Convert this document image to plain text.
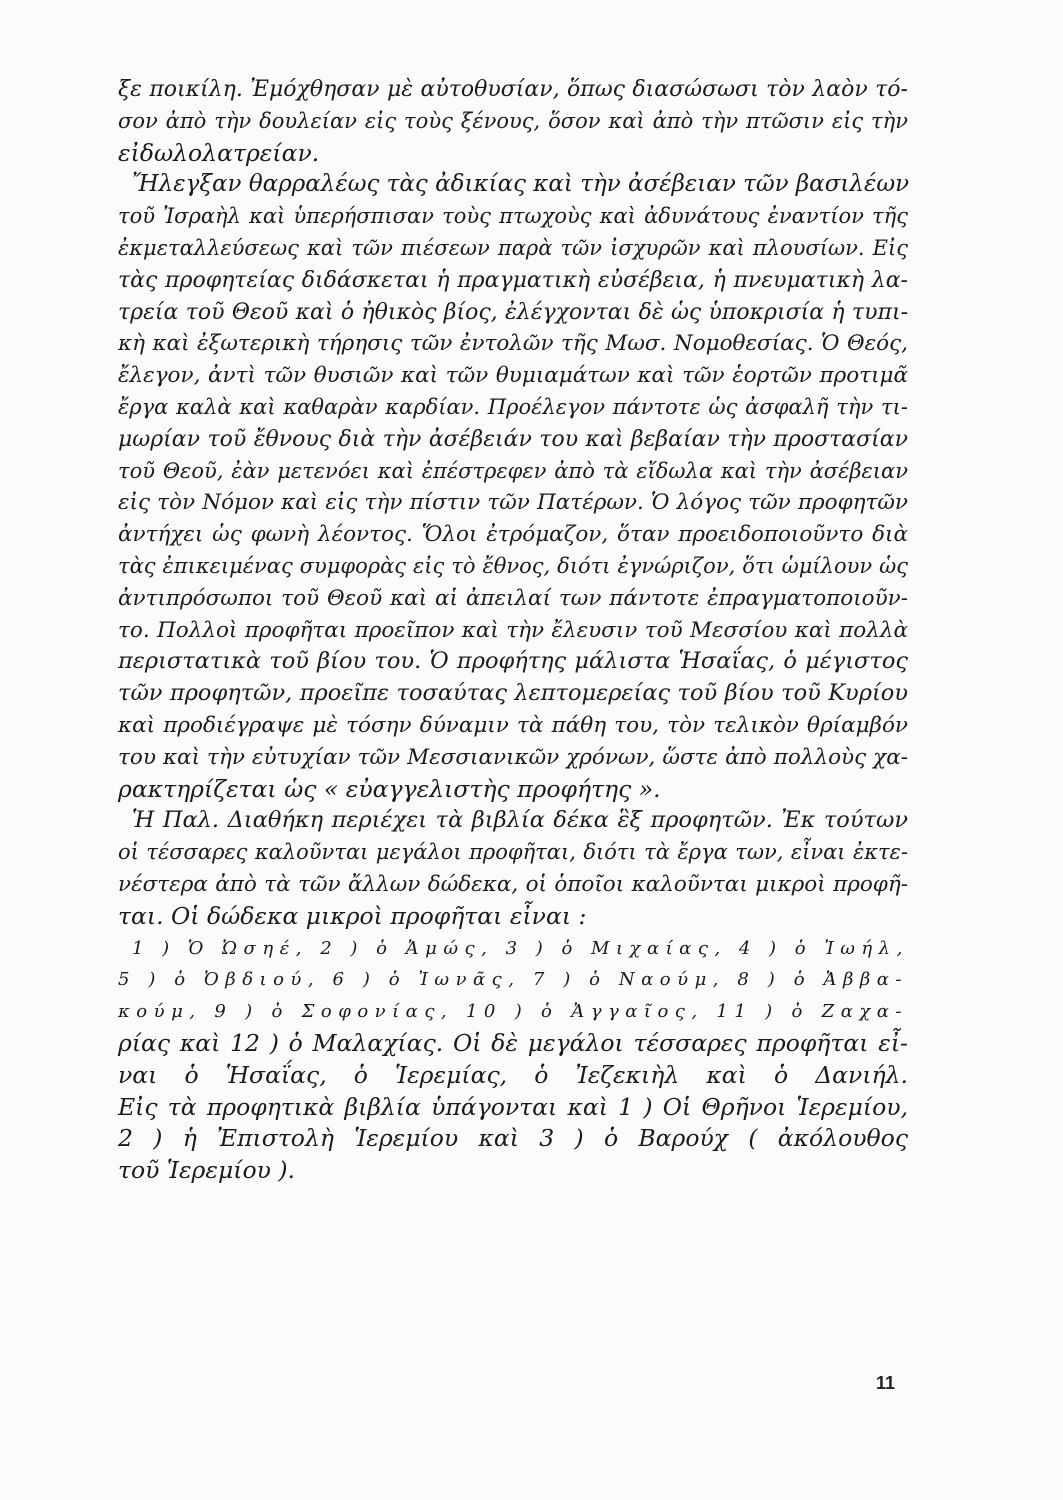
ξε ποικίλη. Ἐμόχθησαν μὲ αὐτοθυσίαν, ὅπως διασώσωσι τὸν λαὸν τό-
σον ἀπὸ τὴν δουλείαν εἰς τοὺς ξένους, ὅσον καὶ ἀπὸ τὴν πτῶσιν εἰς τὴν
εἰδωλολατρείαν.
Ἤλεγξαν θαρραλέως τὰς ἀδικίας καὶ τὴν ἀσέβειαν τῶν βασιλέων
τοῦ Ἰσραὴλ καὶ ὑπερήσπισαν τοὺς πτωχοὺς καὶ ἀδυνάτους ἐναντίον τῆς
ἐκμεταλλεύσεως καὶ τῶν πιέσεων παρὰ τῶν ἰσχυρῶν καὶ πλουσίων. Εἰς
τὰς προφητείας διδάσκεται ἡ πραγματικὴ εὐσέβεια, ἡ πνευματικὴ λα-
τρεία τοῦ Θεοῦ καὶ ὁ ἠθικὸς βίος, ἐλέγχονται δὲ ὡς ὑποκρισία ἡ τυπι-
κὴ καὶ ἐξωτερικὴ τήρησις τῶν ἐντολῶν τῆς Μωσ. Νομοθεσίας. Ὁ Θεός,
ἔλεγον, ἀντὶ τῶν θυσιῶν καὶ τῶν θυμιαμάτων καὶ τῶν ἑορτῶν προτιμᾶ
ἔργα καλὰ καὶ καθαρὰν καρδίαν. Προέλεγον πάντοτε ὡς ἀσφαλῆ τὴν τι-
μωρίαν τοῦ ἔθνους διὰ τὴν ἀσέβειάν του καὶ βεβαίαν τὴν προστασίαν
τοῦ Θεοῦ, ἐὰν μετενόει καὶ ἐπέστρεφεν ἀπὸ τὰ εἴδωλα καὶ τὴν ἀσέβειαν
εἰς τὸν Νόμον καὶ εἰς τὴν πίστιν τῶν Πατέρων. Ὁ λόγος τῶν προφητῶν
ἀντήχει ὡς φωνὴ λέοντος. Ὅλοι ἐτρόμαζον, ὅταν προειδοποιοῦντο διὰ
τὰς ἐπικειμένας συμφορὰς εἰς τὸ ἔθνος, διότι ἐγνώριζον, ὅτι ὡμίλουν ὡς
ἀντιπρόσωποι τοῦ Θεοῦ καὶ αἱ ἀπειλαί των πάντοτε ἐπραγματοποιοῦν-
το. Πολλοὶ προφῆται προεῖπον καὶ τὴν ἔλευσιν τοῦ Μεσσίου καὶ πολλὰ
περιστατικὰ τοῦ βίου του. Ὁ προφήτης μάλιστα Ἡσαΐας, ὁ μέγιστος
τῶν προφητῶν, προεῖπε τοσαύτας λεπτομερείας τοῦ βίου τοῦ Κυρίου
καὶ προδιέγραψε μὲ τόσην δύναμιν τὰ πάθη του, τὸν τελικὸν θρίαμβόν
του καὶ τὴν εὐτυχίαν τῶν Μεσσιανικῶν χρόνων, ὥστε ἀπὸ πολλοὺς χα-
ρακτηρίζεται ὡς « εὐαγγελιστὴς προφήτης ».
Ἡ Παλ. Διαθήκη περιέχει τὰ βιβλία δέκα ἓξ προφητῶν. Ἐκ τούτων
οἱ τέσσαρες καλοῦνται μεγάλοι προφῆται, διότι τὰ ἔργα των, εἶναι ἐκτε-
νέστερα ἀπὸ τὰ τῶν ἄλλων δώδεκα, οἱ ὁποῖοι καλοῦνται μικροὶ προφῆ-
ται. Οἱ δώδεκα μικροὶ προφῆται εἶναι :
1 ) Ὁ Ὠσηέ, 2 ) ὁ Ἀμώς, 3 ) ὁ Μιχαίας, 4 ) ὁ Ἰωήλ,
5 ) ὁ Ὀβδιού, 6 ) ὁ Ἰωνᾶς, 7 ) ὁ Ναούμ, 8 ) ὁ Ἀββα-
κούμ, 9 ) ὁ Σοφονίας, 10 ) ὁ Ἀγγαῖος, 11 ) ὁ Ζαχα-
ρίας καὶ 12 ) ὁ Μαλαχίας. Οἱ δὲ μεγάλοι τέσσαρες προφῆται εἶ-
ναι ὁ Ἡσαΐας, ὁ Ἱερεμίας, ὁ Ἰεζεκιὴλ καὶ ὁ Δανιήλ.
Εἰς τὰ προφητικὰ βιβλία ὑπάγονται καὶ 1 ) Οἱ Θρῆνοι Ἱερεμίου,
2 ) ἡ Ἐπιστολὴ Ἱερεμίου καὶ 3 ) ὁ Βαρούχ ( ἀκόλουθος
τοῦ Ἱερεμίου ).
11
